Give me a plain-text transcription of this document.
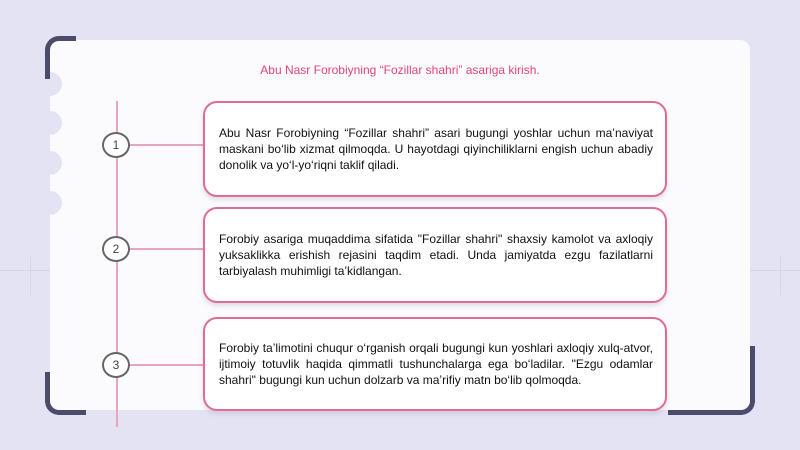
Abu Nasr Forobiyning “Fozillar shahri” asariga kirish.
1
2
3

Abu Nasr Forobiyning “Fozillar shahri” asari bugungi yoshlar uchun ma’naviyat maskani bo‘lib xizmat qilmoqda. U hayotdagi qiyinchiliklarni engish uchun abadiy donolik va yo‘l-yo‘riqni taklif qiladi.

Forobiy asariga muqaddima sifatida "Fozillar shahri" shaxsiy kamolot va axloqiy yuksaklikka erishish rejasini taqdim etadi. Unda jamiyatda ezgu fazilatlarni tarbiyalash muhimligi ta’kidlangan.

Forobiy ta’limotini chuqur o‘rganish orqali bugungi kun yoshlari axloqiy xulq-atvor, ijtimoiy totuvlik haqida qimmatli tushunchalarga ega bo‘ladilar. "Ezgu odamlar shahri" bugungi kun uchun dolzarb va ma’rifiy matn bo‘lib qolmoqda.
